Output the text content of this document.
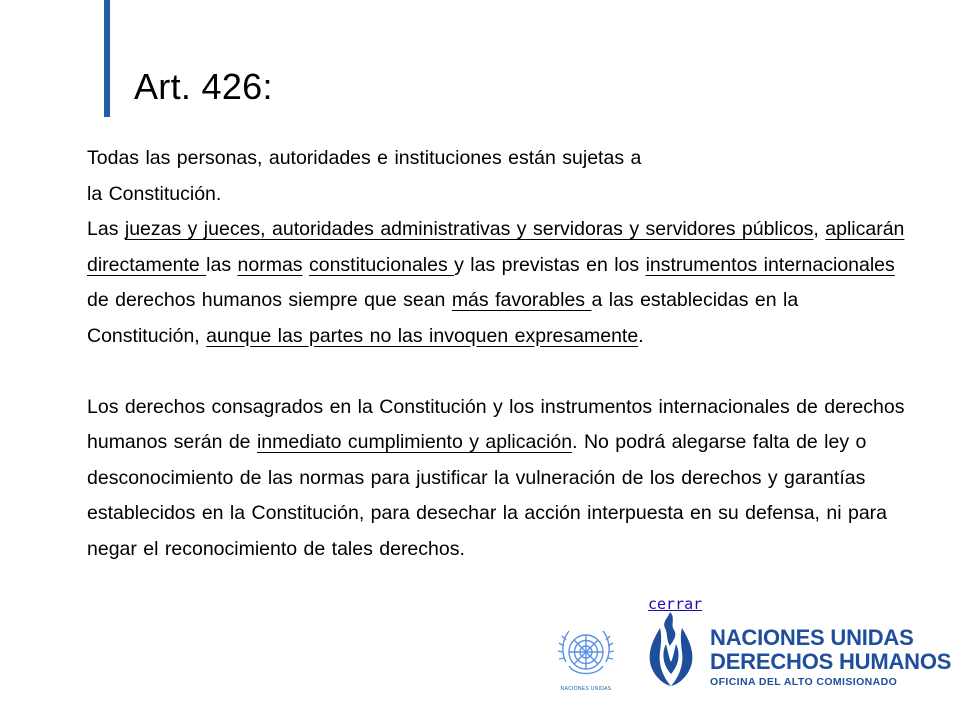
Art. 426:

Todas las personas, autoridades e instituciones están sujetas a
la Constitución.
Las juezas y jueces, autoridades administrativas y servidoras y servidores públicos, aplicarán directamente las normas constitucionales y las previstas en los instrumentos internacionales de derechos humanos siempre que sean más favorables a las establecidas en la Constitución, aunque las partes no las invoquen expresamente.

Los derechos consagrados en la Constitución y los instrumentos internacionales de derechos humanos serán de inmediato cumplimiento y aplicación. No podrá alegarse falta de ley o desconocimiento de las normas para justificar la vulneración de los derechos y garantías establecidos en la Constitución, para desechar la acción interpuesta en su defensa, ni para negar el reconocimiento de tales derechos.

cerrar
NACIONES UNIDAS
NACIONES UNIDAS
DERECHOS HUMANOS
OFICINA DEL ALTO COMISIONADO
